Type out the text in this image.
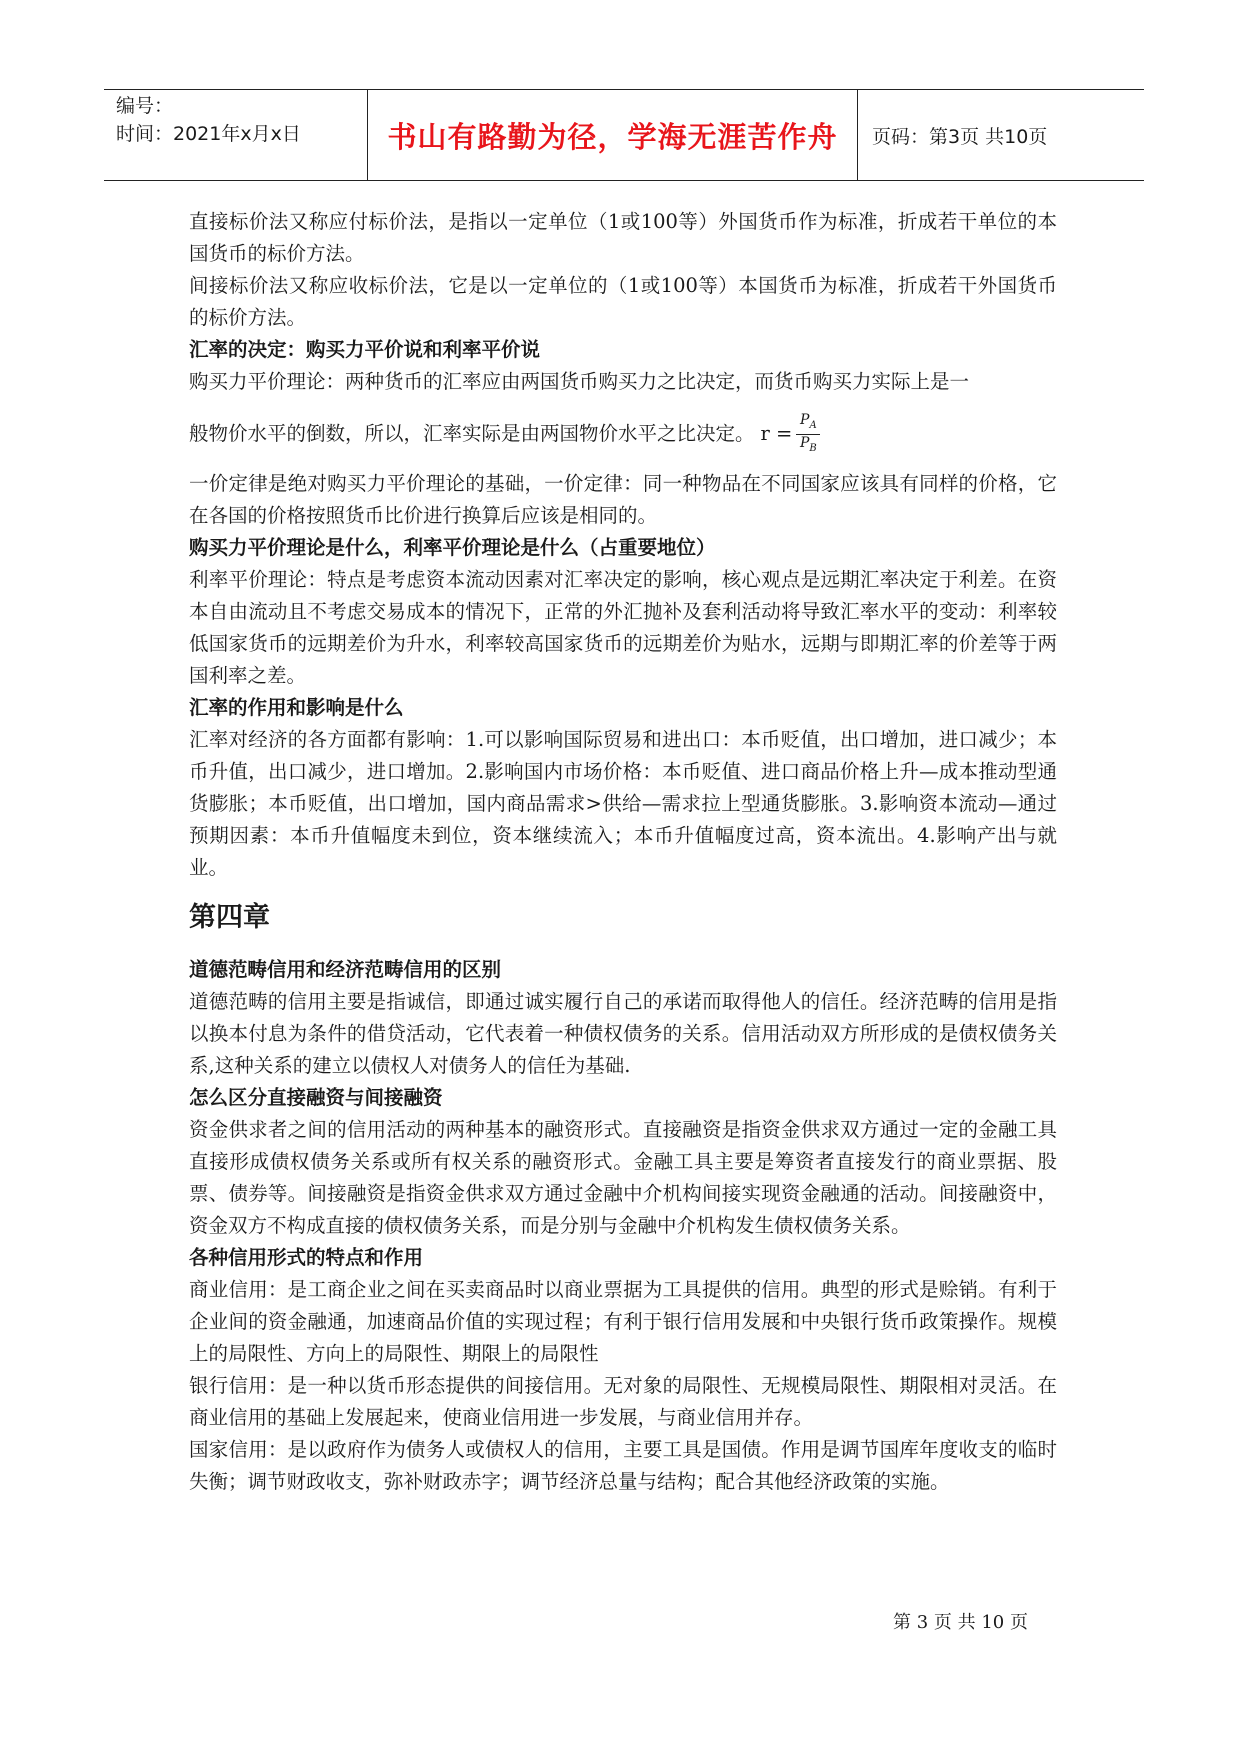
编号：
时间：2021年x月x日	书山有路勤为径，学海无涯苦作舟	页码：第3页 共10页

直接标价法又称应付标价法，是指以一定单位（1或100等）外国货币作为标准，折成若干单位的本国货币的标价方法。

间接标价法又称应收标价法，它是以一定单位的（1或100等）本国货币为标准，折成若干外国货币的标价方法。

汇率的决定：购买力平价说和利率平价说

购买力平价理论：两种货币的汇率应由两国货币购买力之比决定，而货币购买力实际上是一

般物价水平的倒数，所以，汇率实际是由两国物价水平之比决定。 $r = \frac{P_A}{P_B}$

一价定律是绝对购买力平价理论的基础，一价定律：同一种物品在不同国家应该具有同样的价格，它在各国的价格按照货币比价进行换算后应该是相同的。

购买力平价理论是什么，利率平价理论是什么（占重要地位）

利率平价理论：特点是考虑资本流动因素对汇率决定的影响，核心观点是远期汇率决定于利差。在资本自由流动且不考虑交易成本的情况下，正常的外汇抛补及套利活动将导致汇率水平的变动：利率较低国家货币的远期差价为升水，利率较高国家货币的远期差价为贴水，远期与即期汇率的价差等于两国利率之差。

汇率的作用和影响是什么

汇率对经济的各方面都有影响：1.可以影响国际贸易和进出口：本币贬值，出口增加，进口减少；本币升值，出口减少，进口增加。2.影响国内市场价格：本币贬值、进口商品价格上升—成本推动型通货膨胀；本币贬值，出口增加，国内商品需求>供给—需求拉上型通货膨胀。3.影响资本流动—通过预期因素：本币升值幅度未到位，资本继续流入；本币升值幅度过高，资本流出。4.影响产出与就业。

第四章

道德范畴信用和经济范畴信用的区别

道德范畴的信用主要是指诚信，即通过诚实履行自己的承诺而取得他人的信任。经济范畴的信用是指以换本付息为条件的借贷活动，它代表着一种债权债务的关系。信用活动双方所形成的是债权债务关系,这种关系的建立以债权人对债务人的信任为基础.

怎么区分直接融资与间接融资

资金供求者之间的信用活动的两种基本的融资形式。直接融资是指资金供求双方通过一定的金融工具直接形成债权债务关系或所有权关系的融资形式。金融工具主要是筹资者直接发行的商业票据、股票、债券等。间接融资是指资金供求双方通过金融中介机构间接实现资金融通的活动。间接融资中，资金双方不构成直接的债权债务关系，而是分别与金融中介机构发生债权债务关系。

各种信用形式的特点和作用

商业信用：是工商企业之间在买卖商品时以商业票据为工具提供的信用。典型的形式是赊销。有利于企业间的资金融通，加速商品价值的实现过程；有利于银行信用发展和中央银行货币政策操作。规模上的局限性、方向上的局限性、期限上的局限性

银行信用：是一种以货币形态提供的间接信用。无对象的局限性、无规模局限性、期限相对灵活。在商业信用的基础上发展起来，使商业信用进一步发展，与商业信用并存。

国家信用：是以政府作为债务人或债权人的信用，主要工具是国债。作用是调节国库年度收支的临时失衡；调节财政收支，弥补财政赤字；调节经济总量与结构；配合其他经济政策的实施。

第 3 页 共 10 页
